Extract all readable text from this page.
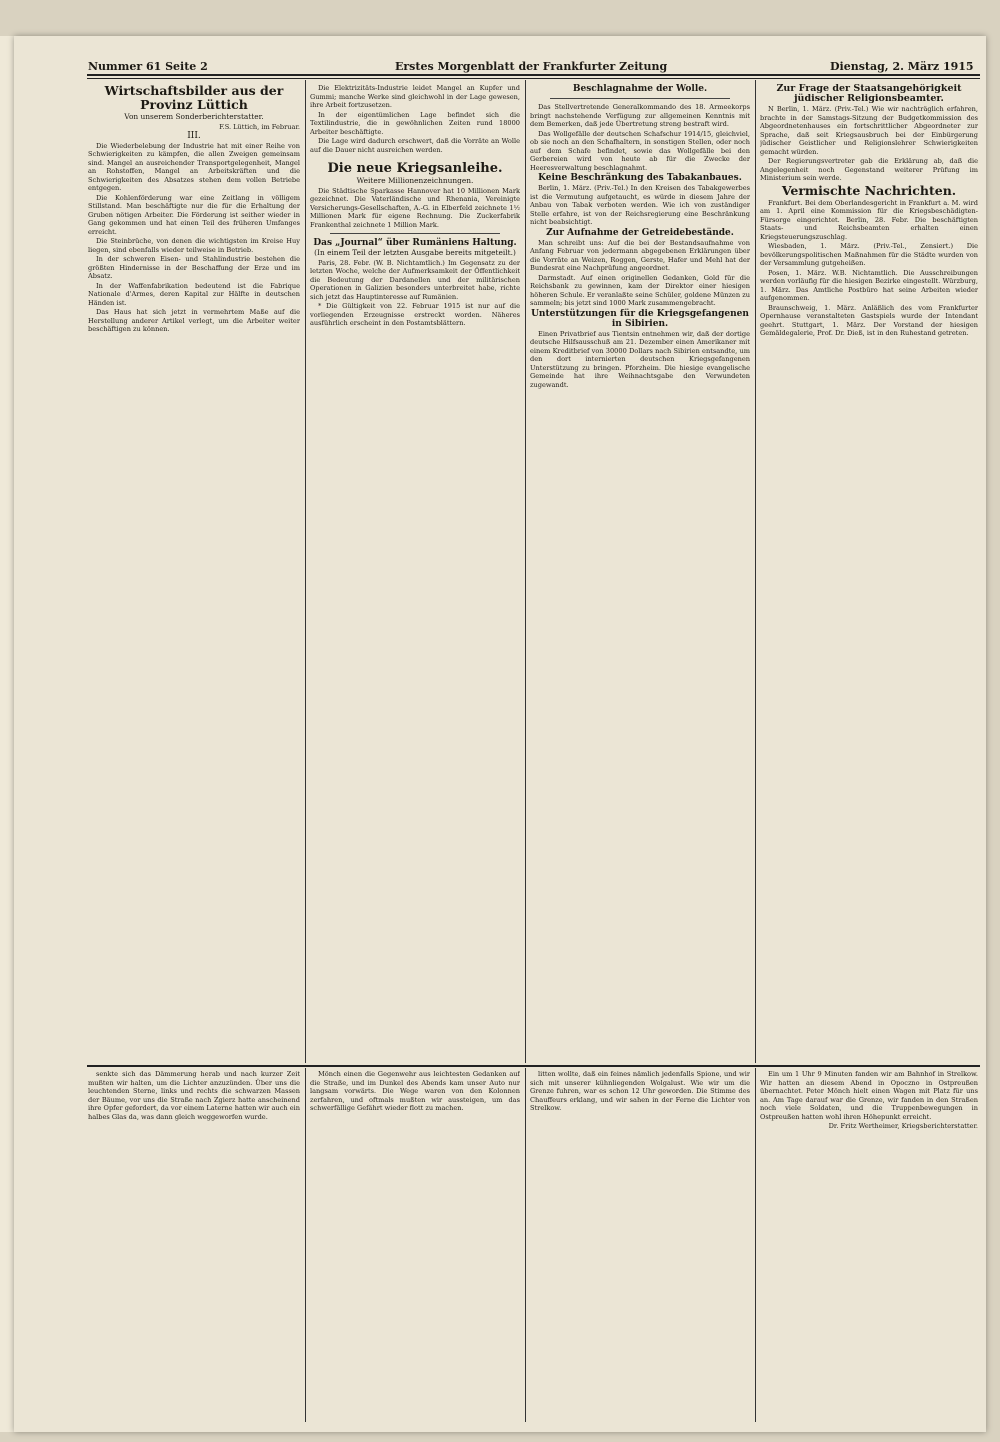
Nummer 61 Seite 2	Erstes Morgenblatt der Frankfurter Zeitung	Dienstag, 2. März 1915

Wirtschaftsbilder aus der Provinz Lüttich

Von unserem Sonderberichterstatter.

F.S. Lüttich, im Februar.

III.

Die Wiederbelebung der Industrie hat mit einer Reihe von Schwierigkeiten zu kämpfen, die allen Zweigen gemeinsam sind. Mangel an ausreichender Transportgelegenheit, Mangel an Rohstoffen, Mangel an Arbeitskräften und die Schwierigkeiten des Absatzes stehen dem vollen Betriebe entgegen.

Die Kohlenförderung war eine Zeitlang in völligem Stillstand. Man beschäftigte nur die für die Erhaltung der Gruben nötigen Arbeiter. Die Förderung ist seither wieder in Gang gekommen und hat einen Teil des früheren Umfanges erreicht.

Die Steinbrüche, von denen die wichtigsten im Kreise Huy liegen, sind ebenfalls wieder teilweise in Betrieb.

In der schweren Eisen- und Stahlindustrie bestehen die größten Hindernisse in der Beschaffung der Erze und im Absatz.

In der Waffenfabrikation bedeutend ist die Fabrique Nationale d'Armes, deren Kapital zur Hälfte in deutschen Händen ist.

Das Haus hat sich jetzt in vermehrtem Maße auf die Herstellung anderer Artikel verlegt, um die Arbeiter weiter beschäftigen zu können.

Die Elektrizitäts-Industrie leidet Mangel an Kupfer und Gummi; manche Werke sind gleichwohl in der Lage gewesen, ihre Arbeit fortzusetzen.

In der eigentümlichen Lage befindet sich die Textilindustrie, die in gewöhnlichen Zeiten rund 18000 Arbeiter beschäftigte.

Die Lage wird dadurch erschwert, daß die Vorräte an Wolle auf die Dauer nicht ausreichen werden.

Die neue Kriegsanleihe.

Weitere Millionenzeichnungen.

Die Städtische Sparkasse Hannover hat 10 Millionen Mark gezeichnet. Die Vaterländische und Rhenania, Vereinigte Versicherungs-Gesellschaften, A.-G. in Elberfeld zeichnete 1½ Millionen Mark für eigene Rechnung. Die Zuckerfabrik Frankenthal zeichnete 1 Million Mark.

Das „Journal“ über Rumäniens Haltung.

(In einem Teil der letzten Ausgabe bereits mitgeteilt.)

Paris, 28. Febr. (W. B. Nichtamtlich.) Im Gegensatz zu der letzten Woche, welche der Aufmerksamkeit der Öffentlichkeit die Bedeutung der Dardanellen und der militärischen Operationen in Galizien besonders unterbreitet habe, richte sich jetzt das Hauptinteresse auf Rumänien.

* Die Gültigkeit von 22. Februar 1915 ist nur auf die vorliegenden Erzeugnisse erstreckt worden. Näheres ausführlich erscheint in den Postamtsblättern.

Beschlagnahme der Wolle.

Das Stellvertretende Generalkommando des 18. Armeekorps bringt nachstehende Verfügung zur allgemeinen Kenntnis mit dem Bemerken, daß jede Übertretung streng bestraft wird.

Das Wollgefälle der deutschen Schafschur 1914/15, gleichviel, ob sie noch an den Schafhaltern, in sonstigen Stellen, oder noch auf dem Schafe befindet, sowie das Wollgefälle bei den Gerbereien wird von heute ab für die Zwecke der Heeresverwaltung beschlagnahmt.

Keine Beschränkung des Tabakanbaues.

Berlin, 1. März. (Priv.-Tel.) In den Kreisen des Tabakgewerbes ist die Vermutung aufgetaucht, es würde in diesem Jahre der Anbau von Tabak verboten werden. Wie ich von zuständiger Stelle erfahre, ist von der Reichsregierung eine Beschränkung nicht beabsichtigt.

Zur Aufnahme der Getreidebestände.

Man schreibt uns: Auf die bei der Bestandsaufnahme von Anfang Februar von jedermann abgegebenen Erklärungen über die Vorräte an Weizen, Roggen, Gerste, Hafer und Mehl hat der Bundesrat eine Nachprüfung angeordnet.

Darmstadt. Auf einen originellen Gedanken, Gold für die Reichsbank zu gewinnen, kam der Direktor einer hiesigen höheren Schule. Er veranlaßte seine Schüler, goldene Münzen zu sammeln; bis jetzt sind 1000 Mark zusammengebracht.

Unterstützungen für die Kriegsgefangenen in Sibirien.

Einen Privatbrief aus Tientsin entnehmen wir, daß der dortige deutsche Hilfsausschuß am 21. Dezember einen Amerikaner mit einem Kreditbrief von 30000 Dollars nach Sibirien entsandte, um den dort internierten deutschen Kriegsgefangenen Unterstützung zu bringen. Pforzheim. Die hiesige evangelische Gemeinde hat ihre Weihnachtsgabe den Verwundeten zugewandt.

Zur Frage der Staatsangehörigkeit jüdischer Religionsbeamter.

N Berlin, 1. März. (Priv.-Tel.) Wie wir nachträglich erfahren, brachte in der Samstags-Sitzung der Budgetkommission des Abgeordnetenhauses ein fortschrittlicher Abgeordneter zur Sprache, daß seit Kriegsausbruch bei der Einbürgerung jüdischer Geistlicher und Religionslehrer Schwierigkeiten gemacht würden.

Der Regierungsvertreter gab die Erklärung ab, daß die Angelegenheit noch Gegenstand weiterer Prüfung im Ministerium sein werde.

Vermischte Nachrichten.

Frankfurt. Bei dem Oberlandesgericht in Frankfurt a. M. wird am 1. April eine Kommission für die Kriegsbeschädigten-Fürsorge eingerichtet. Berlin, 28. Febr. Die beschäftigten Staats- und Reichsbeamten erhalten einen Kriegsteuerungszuschlag.

Wiesbaden, 1. März. (Priv.-Tel., Zensiert.) Die bevölkerungspolitischen Maßnahmen für die Städte wurden von der Versammlung gutgeheißen.

Posen, 1. März. W.B. Nichtamtlich. Die Ausschreibungen werden vorläufig für die hiesigen Bezirke eingestellt. Würzburg, 1. März. Das Amtliche Postbüro hat seine Arbeiten wieder aufgenommen.

Braunschweig, 1. März. Anläßlich des vom Frankfurter Opernhause veranstalteten Gastspiels wurde der Intendant geehrt. Stuttgart, 1. März. Der Vorstand der hiesigen Gemäldegalerie, Prof. Dr. Dieß, ist in den Ruhestand getreten.

senkte sich das Dämmerung herab und nach kurzer Zeit mußten wir halten, um die Lichter anzuzünden. Über uns die leuchtenden Sterne, links und rechts die schwarzen Massen der Bäume, vor uns die Straße nach Zgierz hatte anscheinend ihre Opfer gefordert, da vor einem Laterne hatten wir auch ein halbes Glas da, was dann gleich weggeworfen wurde.

Mönch einen die Gegenwehr aus leichtesten Gedanken auf die Straße, und im Dunkel des Abends kam unser Auto nur langsam vorwärts. Die Wege waren von den Kolonnen zerfahren, und oftmals mußten wir aussteigen, um das schwerfällige Gefährt wieder flott zu machen.

litten wollte, daß ein feines nämlich jedenfalls Spione, und wir sich mit unserer kühnliegenden Wolgalust. Wie wir um die Grenze fuhren, war es schon 12 Uhr geworden. Die Stimme des Chauffeurs erklang, und wir sahen in der Ferne die Lichter von Strelkow.

Ein um 1 Uhr 9 Minuten fanden wir am Bahnhof in Strelkow. Wir hatten an diesem Abend in Opoczno in Ostpreußen übernachtet. Peter Mönch hielt einen Wagen mit Platz für uns an. Am Tage darauf war die Grenze, wir fanden in den Straßen noch viele Soldaten, und die Truppenbewegungen in Ostpreußen hatten wohl ihren Höhepunkt erreicht.

Dr. Fritz Wertheimer, Kriegsberichterstatter.
